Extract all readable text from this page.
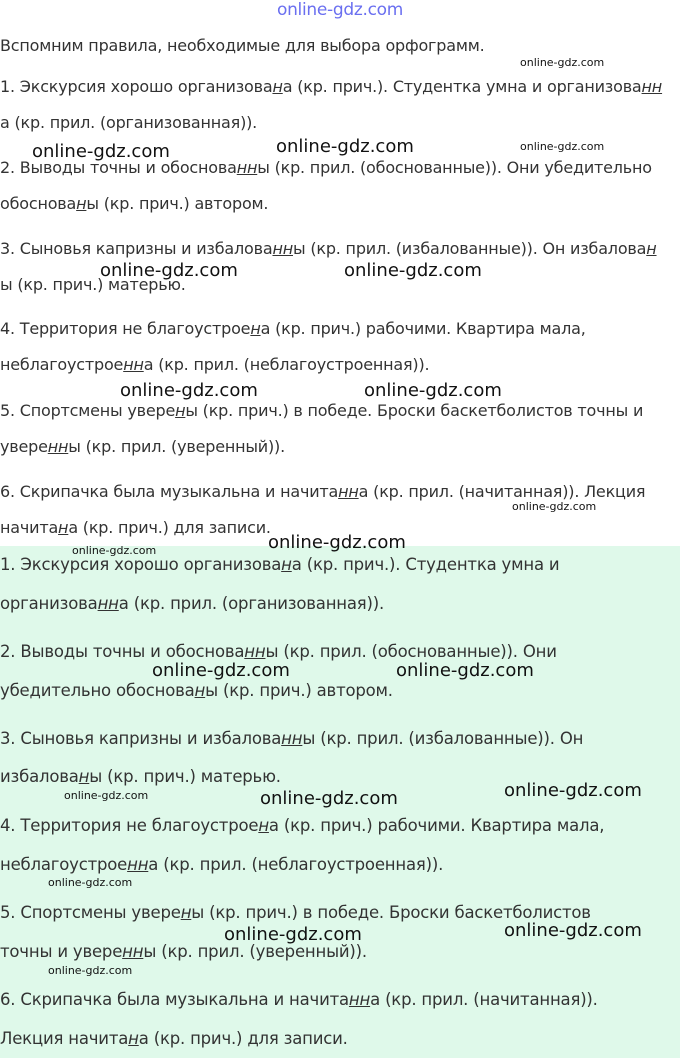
online-gdz.com
Вспомним правила, необходимые для выбора орфограмм.
1. Экскурсия хорошо организована (кр. прич.). Студентка умна и организованн
а (кр. прил. (организованная)).
2. Выводы точны и обоснованны (кр. прил. (обоснованные)). Они убедительно
обоснованы (кр. прич.) автором.
3. Сыновья капризны и избалованны (кр. прил. (избалованные)). Он избалован
ы (кр. прич.) матерью.
4. Территория не благоустроена (кр. прич.) рабочими. Квартира мала,
неблагоустроенна (кр. прил. (неблагоустроенная)).
5. Спортсмены уверены (кр. прич.) в победе. Броски баскетболистов точны и
уверенны (кр. прил. (уверенный)).
6. Скрипачка была музыкальна и начитанна (кр. прил. (начитанная)). Лекция
начитана (кр. прич.) для записи.
1. Экскурсия хорошо организована (кр. прич.). Студентка умна и
организованна (кр. прил. (организованная)).
2. Выводы точны и обоснованны (кр. прил. (обоснованные)). Они
убедительно обоснованы (кр. прич.) автором.
3. Сыновья капризны и избалованны (кр. прил. (избалованные)). Он
избалованы (кр. прич.) матерью.
4. Территория не благоустроена (кр. прич.) рабочими. Квартира мала,
неблагоустроенна (кр. прил. (неблагоустроенная)).
5. Спортсмены уверены (кр. прич.) в победе. Броски баскетболистов
точны и уверенны (кр. прил. (уверенный)).
6. Скрипачка была музыкальна и начитанна (кр. прил. (начитанная)).
Лекция начитана (кр. прич.) для записи.
online-gdz.com
online-gdz.com	online-gdz.com
online-gdz.com
online-gdz.com	online-gdz.com
online-gdz.com	online-gdz.com
online-gdz.com
online-gdz.com
online-gdz.com
online-gdz.com	online-gdz.com
online-gdz.com
online-gdz.com	online-gdz.com
online-gdz.com
online-gdz.com
online-gdz.com
online-gdz.com
